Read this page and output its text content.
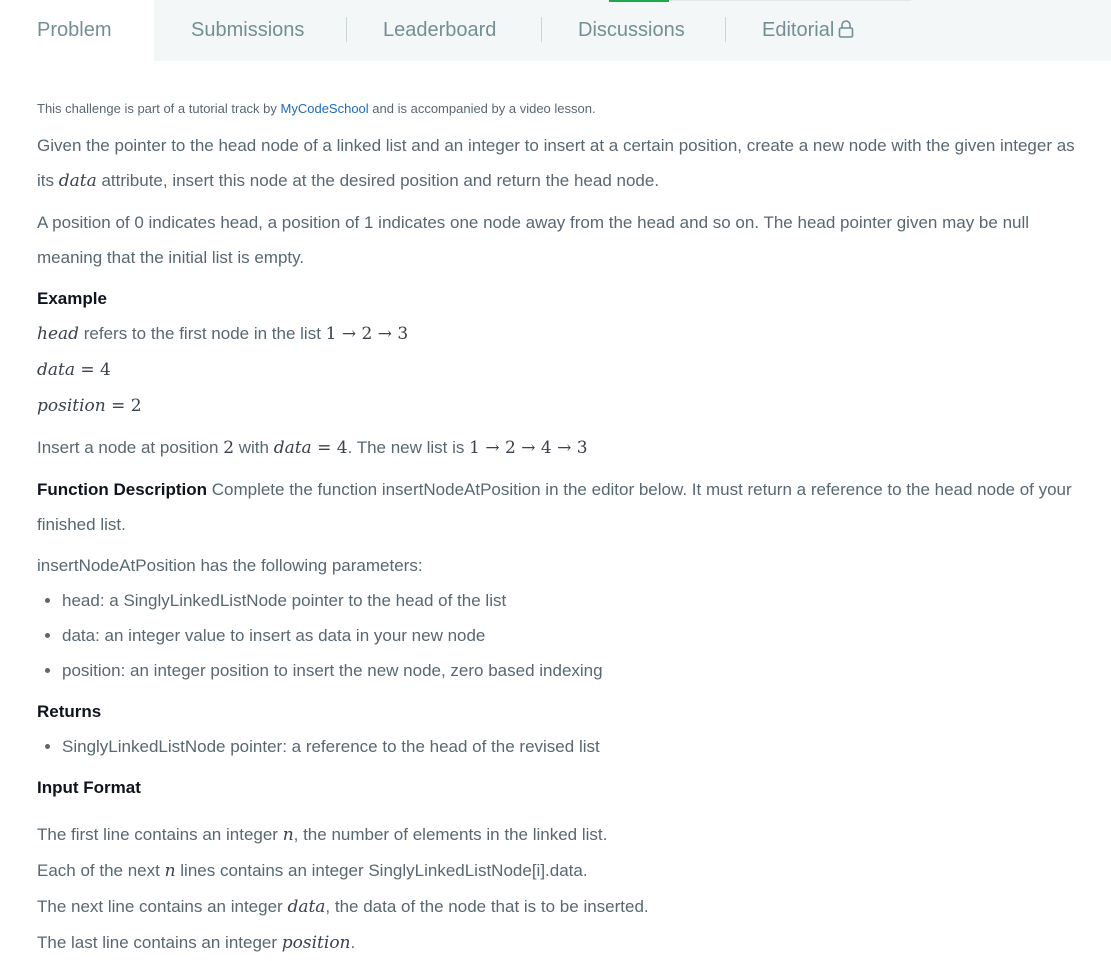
Problem	Submissions	Leaderboard	Discussions	Editorial
This challenge is part of a tutorial track by MyCodeSchool and is accompanied by a video lesson.

Given the pointer to the head node of a linked list and an integer to insert at a certain position, create a new node with the given integer as its data attribute, insert this node at the desired position and return the head node.

A position of 0 indicates head, a position of 1 indicates one node away from the head and so on. The head pointer given may be null meaning that the initial list is empty.

Example
head refers to the first node in the list 1 → 2 → 3
data = 4
position = 2

Insert a node at position 2 with data = 4. The new list is 1 → 2 → 4 → 3

Function Description Complete the function insertNodeAtPosition in the editor below. It must return a reference to the head node of your finished list.

insertNodeAtPosition has the following parameters:
• head: a SinglyLinkedListNode pointer to the head of the list
• data: an integer value to insert as data in your new node
• position: an integer position to insert the new node, zero based indexing
Returns
• SinglyLinkedListNode pointer: a reference to the head of the revised list
Input Format
The first line contains an integer n, the number of elements in the linked list.
Each of the next n lines contains an integer SinglyLinkedListNode[i].data.
The next line contains an integer data, the data of the node that is to be inserted.
The last line contains an integer position.
